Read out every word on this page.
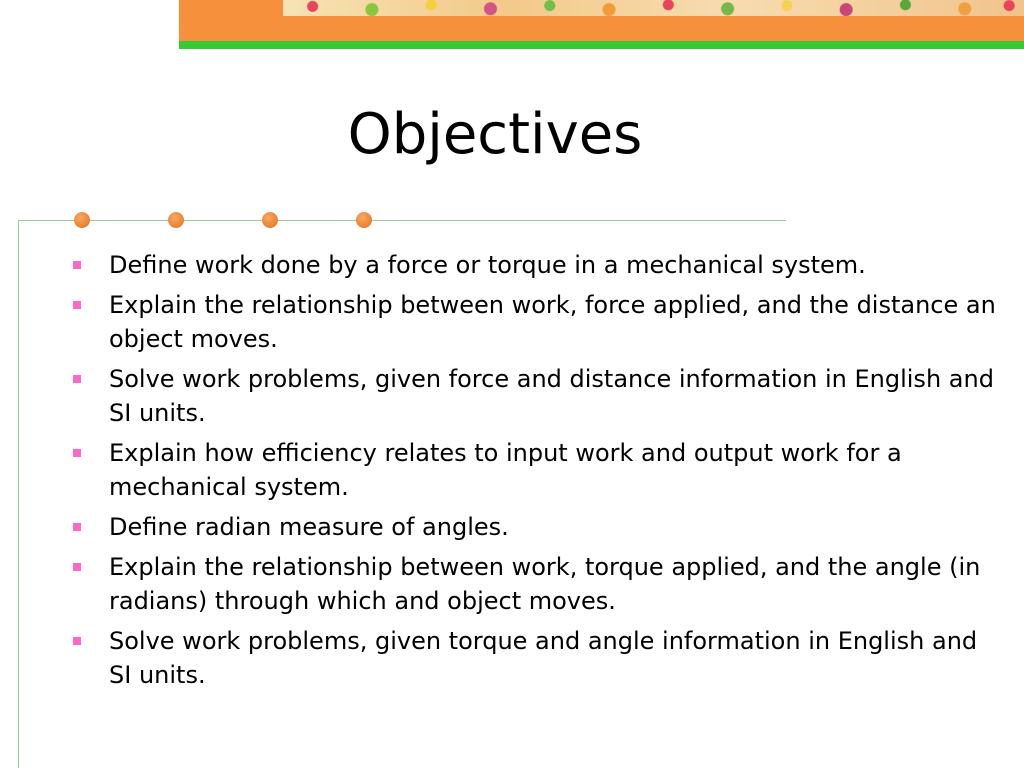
Objectives
Define work done by a force or torque in a mechanical system.
Explain the relationship between work, force applied, and the distance an object moves.
Solve work problems, given force and distance information in English and SI units.
Explain how efficiency relates to input work and output work for a mechanical system.
Define radian measure of angles.
Explain the relationship between work, torque applied, and the angle (in radians) through which and object moves.
Solve work problems, given torque and angle information in English and SI units.
